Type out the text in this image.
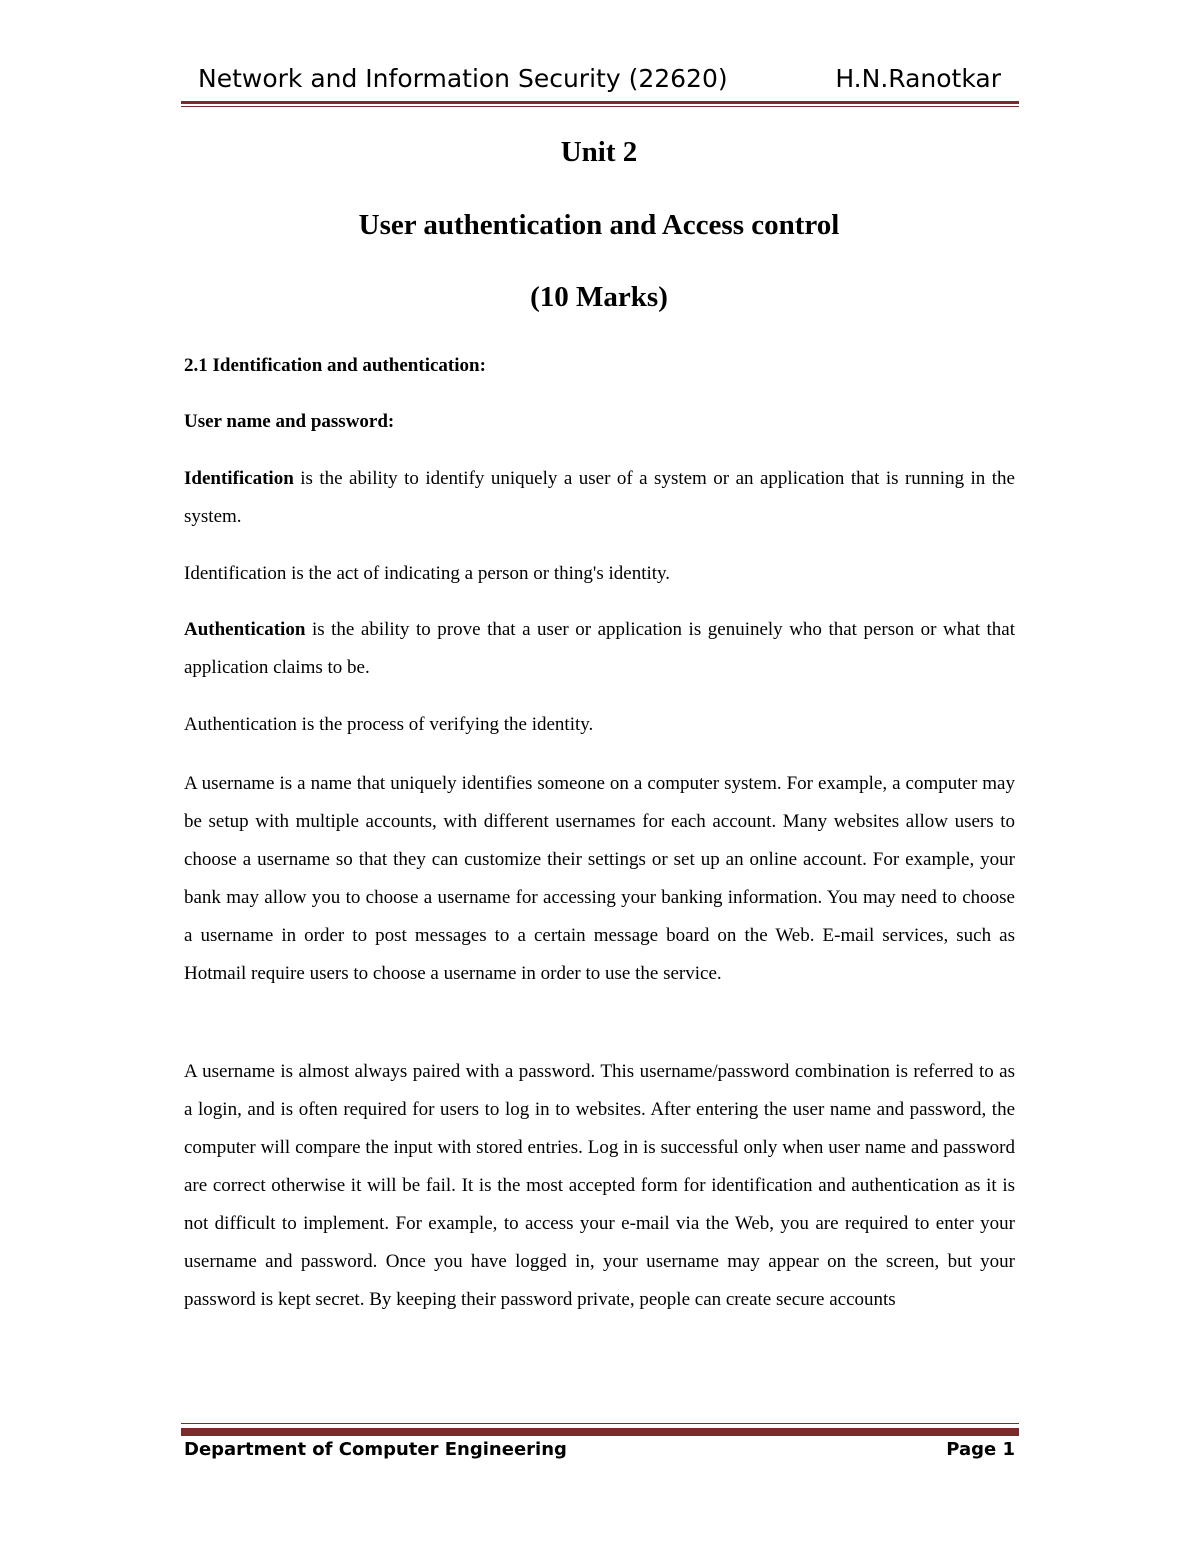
Network and Information Security (22620)	H.N.Ranotkar
Unit 2
User authentication and Access control
(10 Marks)
2.1 Identification and authentication:
User name and password:
Identification is the ability to identify uniquely a user of a system or an application that is running in the system.
Identification is the act of indicating a person or thing's identity.
Authentication is the ability to prove that a user or application is genuinely who that person or what that application claims to be.
Authentication is the process of verifying the identity.
A username is a name that uniquely identifies someone on a computer system. For example, a computer may be setup with multiple accounts, with different usernames for each account. Many websites allow users to choose a username so that they can customize their settings or set up an online account. For example, your bank may allow you to choose a username for accessing your banking information. You may need to choose a username in order to post messages to a certain message board on the Web. E-mail services, such as Hotmail require users to choose a username in order to use the service.
A username is almost always paired with a password. This username/password combination is referred to as a login, and is often required for users to log in to websites. After entering the user name and password, the computer will compare the input with stored entries. Log in is successful only when user name and password are correct otherwise it will be fail. It is the most accepted form for identification and authentication as it is not difficult to implement. For example, to access your e-mail via the Web, you are required to enter your username and password. Once you have logged in, your username may appear on the screen, but your password is kept secret. By keeping their password private, people can create secure accounts
Department of Computer Engineering	Page 1
